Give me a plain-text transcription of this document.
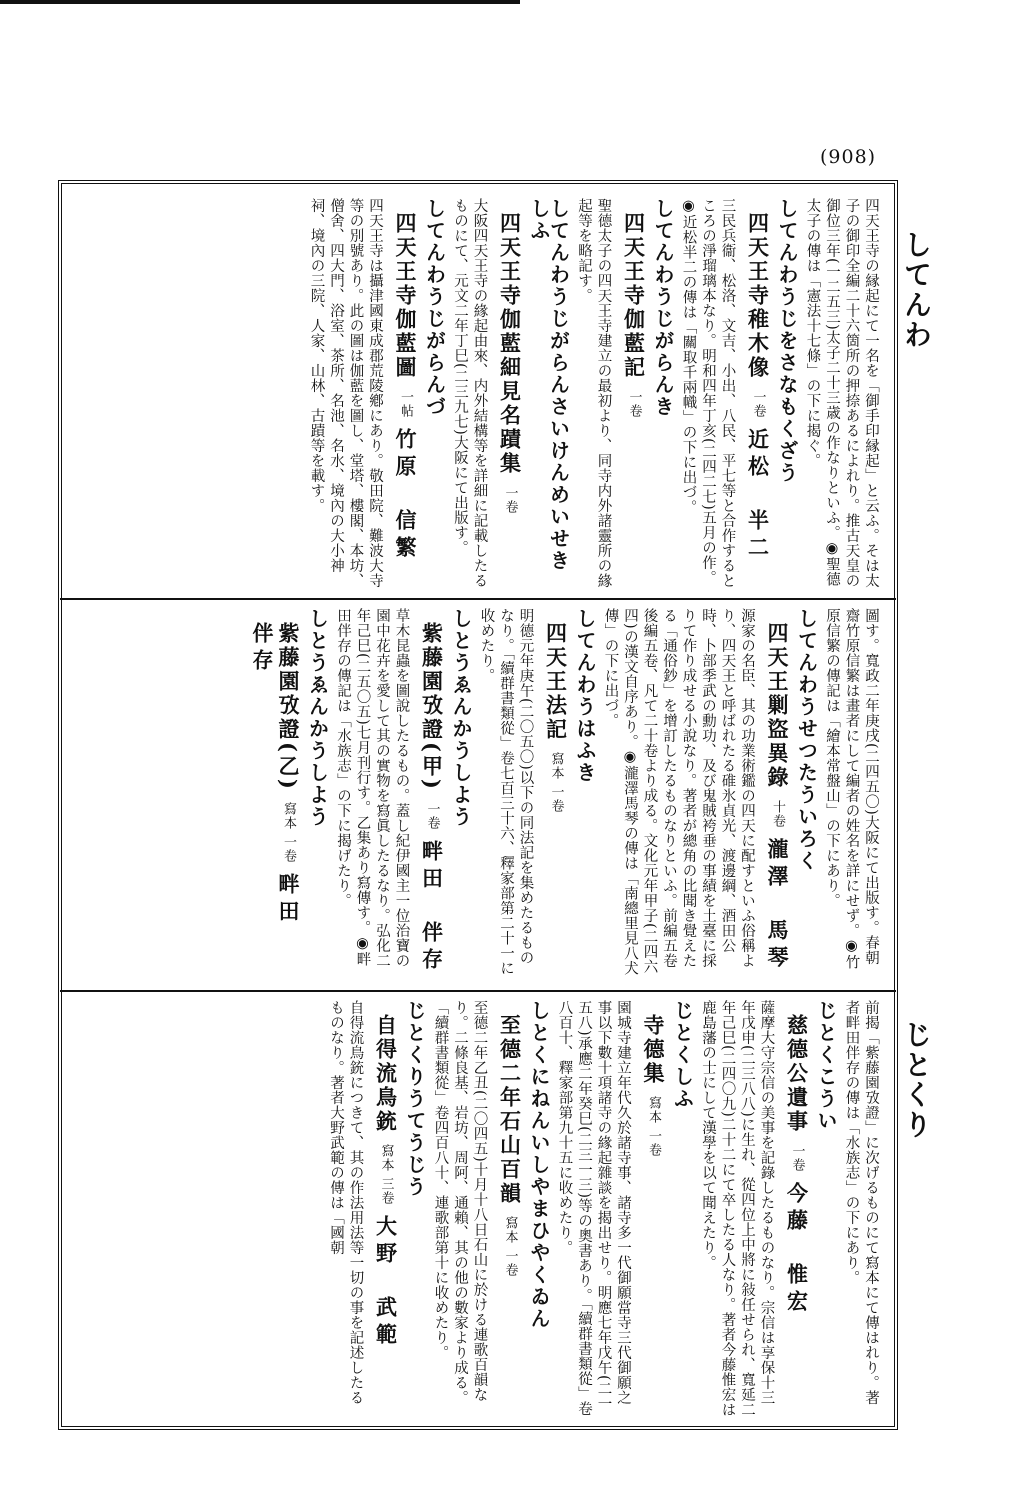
(908)
してんわ
じとくり
四天王寺の縁起にて一名を「御手印縁起」と云ふ。そは太子の御印全編二十六箇所の押捺あるによれり。推古天皇の御位三年(一二五三)太子二十三歳の作なりといふ。◉聖德太子の傳は「憲法十七條」の下に揭ぐ。
してんわうじをさなもくざう
四天王寺稚木像一卷近松　半二
三民兵衞、松洛、文吉、小出、八民、平七等と合作するところの淨瑠璃本なり。明和四年丁亥(二四二七)五月の作。◉近松半二の傳は「關取千兩幟」の下に出づ。
してんわうじがらんき
四天王寺伽藍記一卷
聖德太子の四天王寺建立の最初より、同寺内外諸靈所の緣起等を略記す。
してんわうじがらんさいけんめいせきしふ
四天王寺伽藍細見名蹟集一卷
大阪四天王寺の緣起由來、内外結構等を詳細に記載したるものにて、元文二年丁巳(二三九七)大阪にて出版す。
してんわうじがらんづ
四天王寺伽藍圖一帖竹原　信繁
四天王寺は攝津國東成郡荒陵鄕にあり。敬田院、難波大寺等の別號あり。此の圖は伽藍を圖し、堂塔、樓閣、本坊、僧舍、四大門、浴室、茶所、名池、名水、境內の大小神祠、境內の三院、人家、山林、古蹟等を載す。
圖す。寬政二年庚戌(二四五〇)大阪にて出版す。春朝齋竹原信繁は畫者にして編者の姓名を詳にせず。◉竹原信繁の傳記は「繪本常盤山」の下にあり。
してんわうせつたういろく
四天王剿盜異錄十卷瀧澤　馬琴
源家の名臣、其の功業術鑑の四天に配すといふ俗稱より、四天王と呼ばれたる碓氷貞光、渡邊綱、酒田公時、卜部季武の勳功、及び鬼賊袴垂の事績を土臺に採りて作り成せる小說なり。著者が總角の比聞き覺えたる「通俗鈔」を增訂したるものなりといふ。前編五卷後編五卷、凡て二十卷より成る。文化元年甲子(二四六四)の漢文自序あり。◉瀧澤馬琴の傳は「南總里見八犬傳」の下に出づ。
してんわうはふき
四天王法記寫本 一卷
明德元年庚午(二〇五〇)以下の同法記を集めたるものなり。「續群書類從」卷七百三十六、釋家部第二十一に收めたり。
しとうゑんかうしよう
紫藤園攷證(甲)一卷畔田　伴存
草木昆蟲を圖說したるもの。蓋し紀伊國主一位治寶の園中花卉を愛して其の實物を寫眞したるなり。弘化二年己巳(二五〇五)七月刊行す。乙集あり寫傳す。◉畔田伴存の傳記は「水族志」の下に揭げたり。
しとうゑんかうしよう
紫藤園攷證(乙)寫本 一卷畔田　伴存
前揭「紫藤園攷證」に次げるものにて寫本にて傳はれり。著者畔田伴存の傳は「水族志」の下にあり。
じとくこうい
慈德公遺事一卷今藤　惟宏
薩摩大守宗信の美事を記錄したるものなり。宗信は享保十三年戊申(二三八八)に生れ、從四位上中將に敍任せられ、寬延二年己巳(二四〇九)二十二にて卒したる人なり。著者今藤惟宏は鹿島藩の士にして漢學を以て聞えたり。
じとくしふ
寺德集寫本 一卷
園城寺建立年代久於諸寺事、諸寺多一代御願當寺三代御願之事以下數十項諸寺の緣起雜談を揭出せり。明應七年戊午(二一五八)承應二年癸巳(二三一三)等の奧書あり。「續群書類從」卷八百十、釋家部第九十五に收めたり。
しとくにねんいしやまひやくゐん
至德二年石山百韻寫本 一卷
至德二年乙丑(二〇四五)十月十八日石山に於ける連歌百韻なり。二條良基、岩坊、周阿、通賴、其の他の數家より成る。「續群書類從」卷四百八十、連歌部第十に收めたり。
じとくりうてうじう
自得流鳥銃寫本 三卷大野　武範
自得流鳥銃につきて、其の作法用法等一切の事を記述したるものなり。著者大野武範の傳は「國朝
